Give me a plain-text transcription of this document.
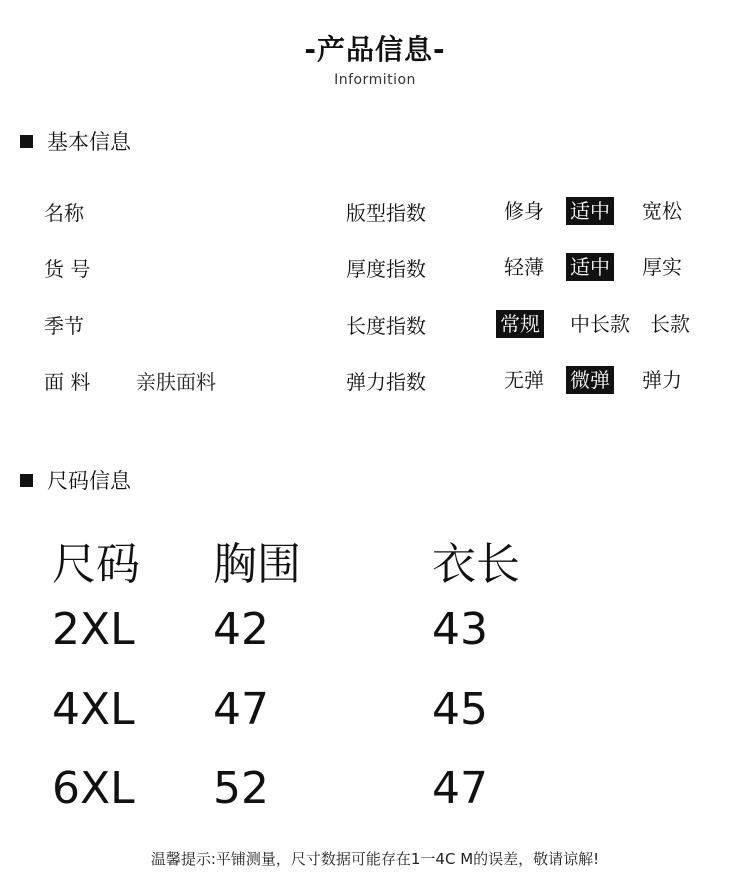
-产品信息-
Informition
基本信息
名称	版型指数	修身 适中 宽松
货 号	厚度指数	轻薄 适中 厚实
季节	长度指数	常规 中长款 长款
面 料 亲肤面料	弹力指数	无弹 微弹 弹力
尺码信息
尺码 胸围	衣长
2XL 42	43
4XL 47	45
6XL 52	47
温馨提示:平铺测量，尺寸数据可能存在1一4C M的误差，敬请谅解!
